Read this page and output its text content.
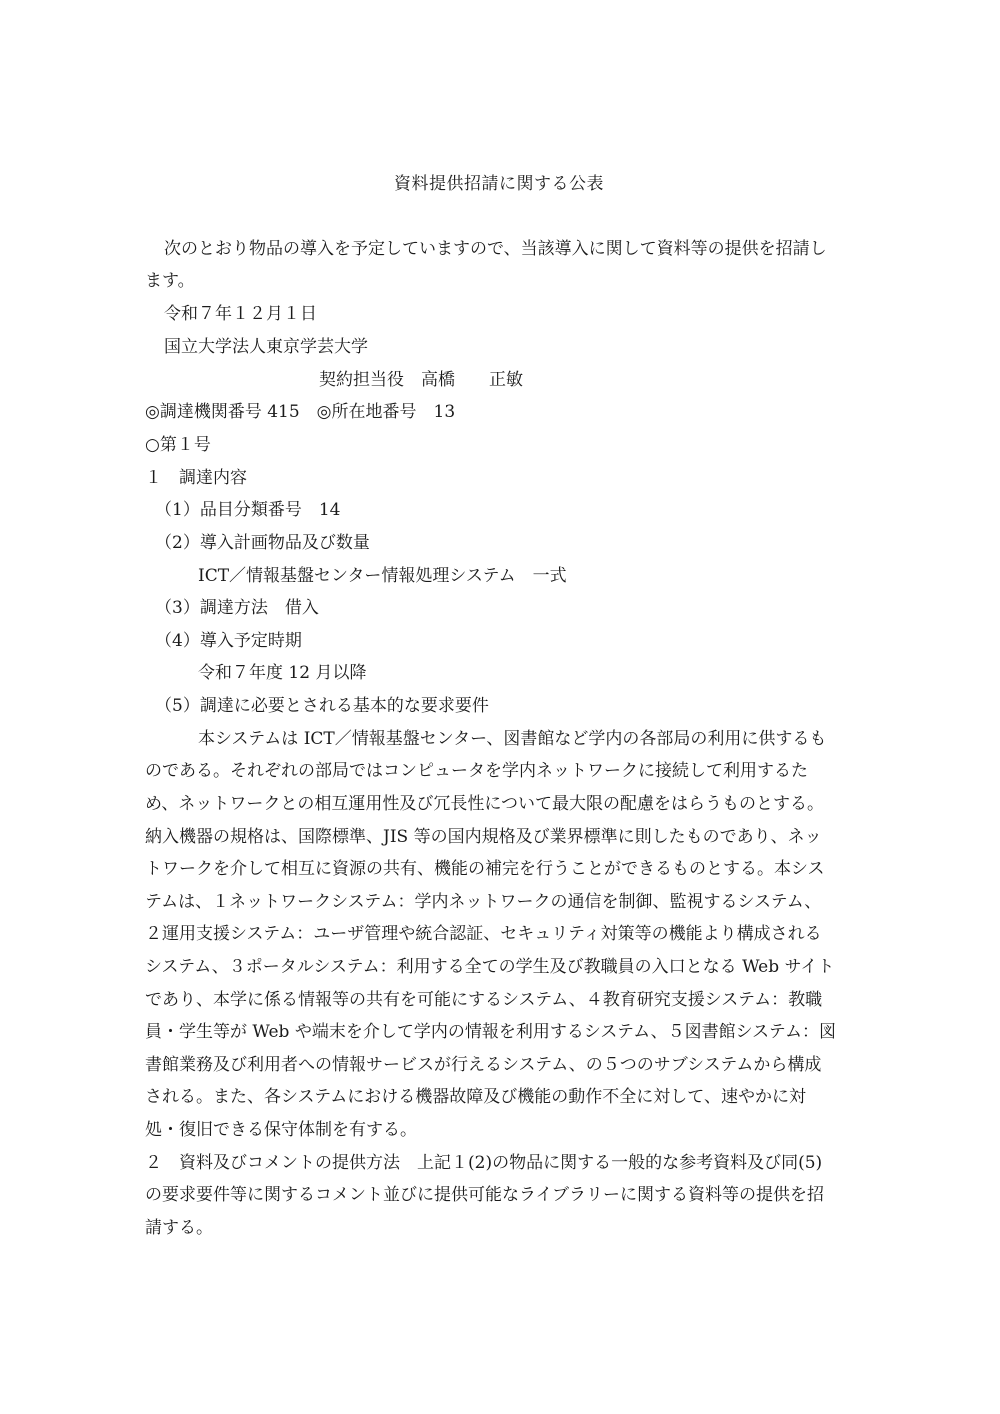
資料提供招請に関する公表
次のとおり物品の導入を予定していますので、当該導入に関して資料等の提供を招請し
ます。
令和７年１２月１日
国立大学法人東京学芸大学
契約担当役　高橋　　正敏
◎調達機関番号 415　◎所在地番号　13
○第１号
１　調達内容
（1）品目分類番号　14
（2）導入計画物品及び数量
ICT／情報基盤センター情報処理システム　一式
（3）調達方法　借入
（4）導入予定時期
令和７年度 12 月以降
（5）調達に必要とされる基本的な要求要件
本システムは ICT／情報基盤センター、図書館など学内の各部局の利用に供するも
のである。それぞれの部局ではコンピュータを学内ネットワークに接続して利用するた
め、ネットワークとの相互運用性及び冗長性について最大限の配慮をはらうものとする。
納入機器の規格は、国際標準、JIS 等の国内規格及び業界標準に則したものであり、ネッ
トワークを介して相互に資源の共有、機能の補完を行うことができるものとする。本シス
テムは、１ネットワークシステム：学内ネットワークの通信を制御、監視するシステム、
２運用支援システム：ユーザ管理や統合認証、セキュリティ対策等の機能より構成される
システム、３ポータルシステム：利用する全ての学生及び教職員の入口となる Web サイト
であり、本学に係る情報等の共有を可能にするシステム、４教育研究支援システム：教職
員・学生等が Web や端末を介して学内の情報を利用するシステム、５図書館システム：図
書館業務及び利用者への情報サービスが行えるシステム、の５つのサブシステムから構成
される。また、各システムにおける機器故障及び機能の動作不全に対して、速やかに対
処・復旧できる保守体制を有する。
２　資料及びコメントの提供方法　上記１(2)の物品に関する一般的な参考資料及び同(5)
の要求要件等に関するコメント並びに提供可能なライブラリーに関する資料等の提供を招
請する。
